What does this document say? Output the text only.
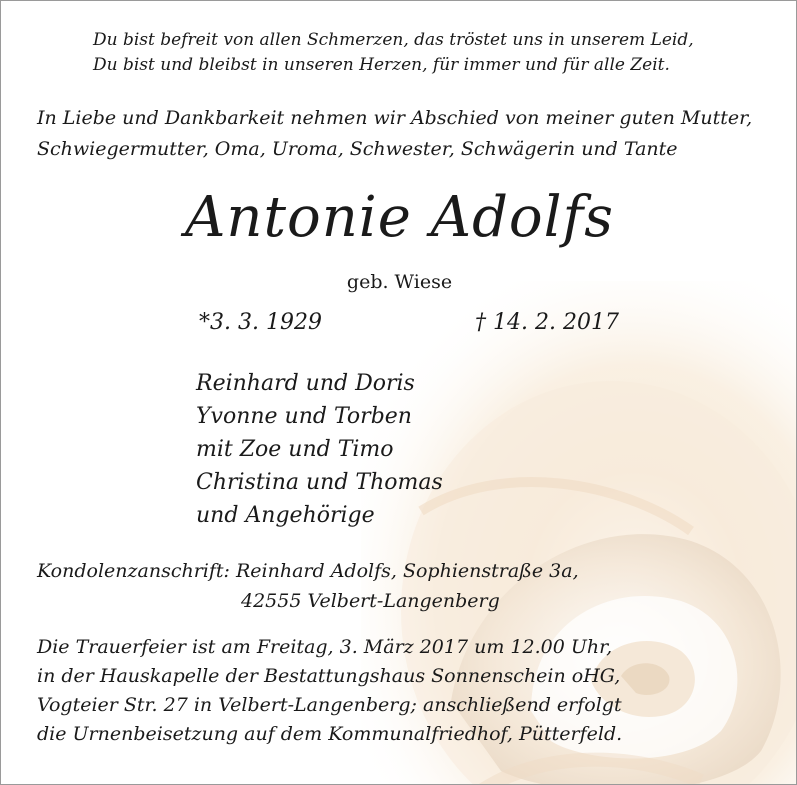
Du bist befreit von allen Schmerzen, das tröstet uns in unserem Leid,
Du bist und bleibst in unseren Herzen, für immer und für alle Zeit.

In Liebe und Dankbarkeit nehmen wir Abschied von meiner guten Mutter,
Schwiegermutter, Oma, Uroma, Schwester, Schwägerin und Tante

Antonie Adolfs

geb. Wiese

*3. 3. 1929	† 14. 2. 2017

Reinhard und Doris
Yvonne und Torben
mit Zoe und Timo
Christina und Thomas
und Angehörige

Kondolenzanschrift: Reinhard Adolfs, Sophienstraße 3a,
42555 Velbert-Langenberg

Die Trauerfeier ist am Freitag, 3. März 2017 um 12.00 Uhr,
in der Hauskapelle der Bestattungshaus Sonnenschein oHG,
Vogteier Str. 27 in Velbert-Langenberg; anschließend erfolgt
die Urnenbeisetzung auf dem Kommunalfriedhof, Pütterfeld.
